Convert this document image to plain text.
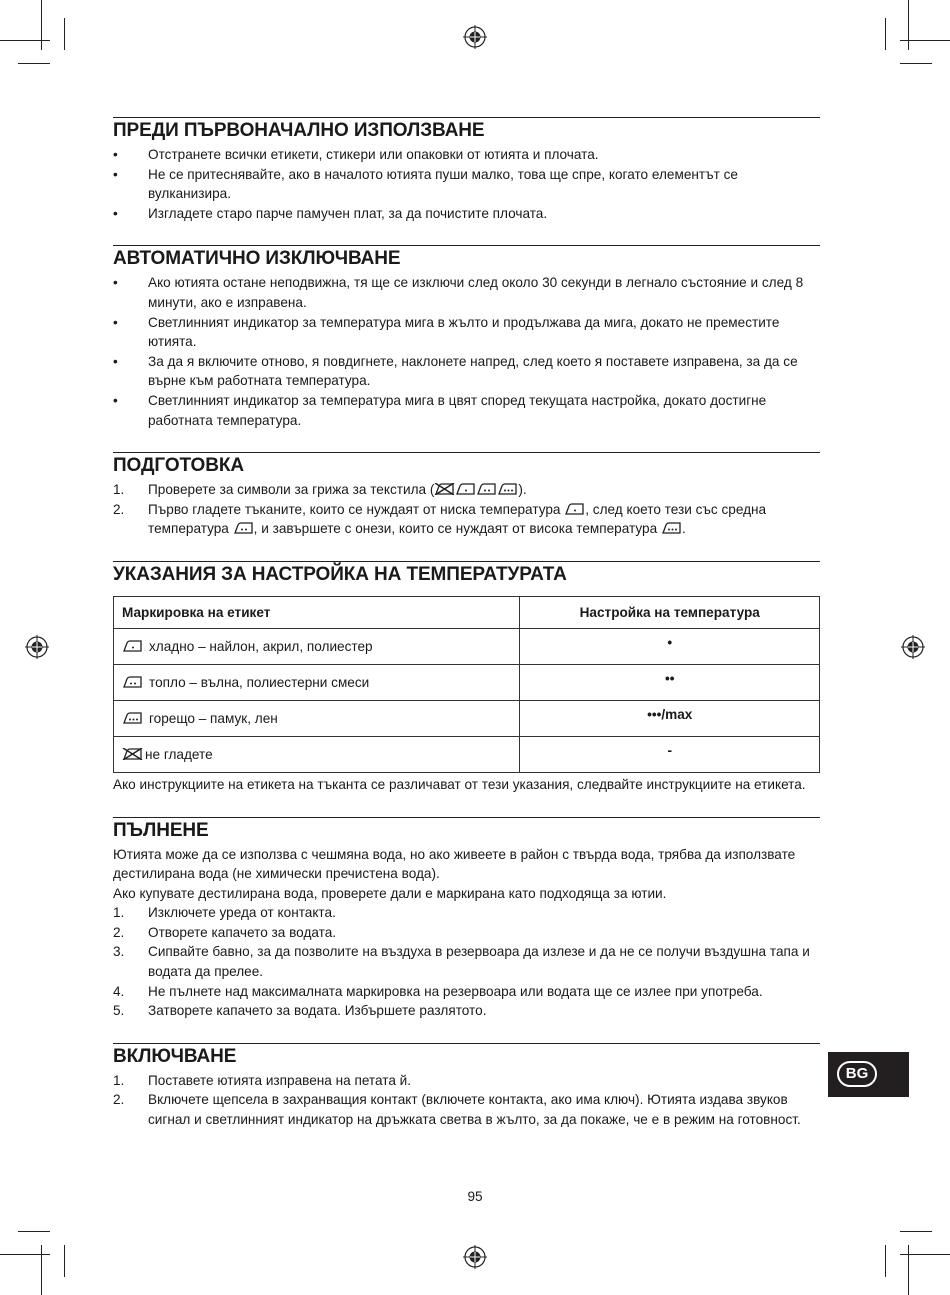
ПРЕДИ ПЪРВОНАЧАЛНО ИЗПОЛЗВАНЕ
•	Отстранете всички етикети, стикери или опаковки от ютията и плочата.
•	Не се притеснявайте, ако в началото ютията пуши малко, това ще спре, когато елементът се вулканизира.
•	Изгладете старо парче памучен плат, за да почистите плочата.
АВТОМАТИЧНО ИЗКЛЮЧВАНЕ
•	Ако ютията остане неподвижна, тя ще се изключи след около 30 секунди в легнало състояние и след 8 минути, ако е изправена.
•	Светлинният индикатор за температура мига в жълто и продължава да мига, докато не преместите ютията.
•	За да я включите отново, я повдигнете, наклонете напред, след което я поставете изправена, за да се върне към работната температура.
•	Светлинният индикатор за температура мига в цвят според текущата настройка, докато достигне работната температура.
ПОДГОТОВКА
1.	Проверете за символи за грижа за текстила (	).
2.	Първо гладете тъканите, които се нуждаят от ниска температура , след което тези със средна температура , и завършете с онези, които се нуждаят от висока температура .
УКАЗАНИЯ ЗА НАСТРОЙКА НА ТЕМПЕРАТУРАТА
Маркировка на етикет	Настройка на температура
хладно – найлон, акрил, полиестер	•
топло – вълна, полиестерни смеси	••
горещо – памук, лен	•••/max
не гладете	-

Ако инструкциите на етикета на тъканта се различават от тези указания, следвайте инструкциите на етикета.

ПЪЛНЕНЕ

Ютията може да се използва с чешмяна вода, но ако живеете в район с твърда вода, трябва да използвате дестилирана вода (не химически пречистена вода).

Ако купувате дестилирана вода, проверете дали е маркирана като подходяща за ютии.

1.	Изключете уреда от контакта.
2.	Отворете капачето за водата.
3.	Сипвайте бавно, за да позволите на въздуха в резервоара да излезе и да не се получи въздушна тапа и водата да прелее.
4.	Не пълнете над максималната маркировка на резервоара или водата ще се излее при употреба.
5.	Затворете капачето за водата. Избършете разлятото.
ВКЛЮЧВАНЕ
1.	Поставете ютията изправена на петата й.
2.	Включете щепсела в захранващия контакт (включете контакта, ако има ключ). Ютията издава звуков сигнал и светлинният индикатор на дръжката светва в жълто, за да покаже, че е в режим на готовност.
BG
95
